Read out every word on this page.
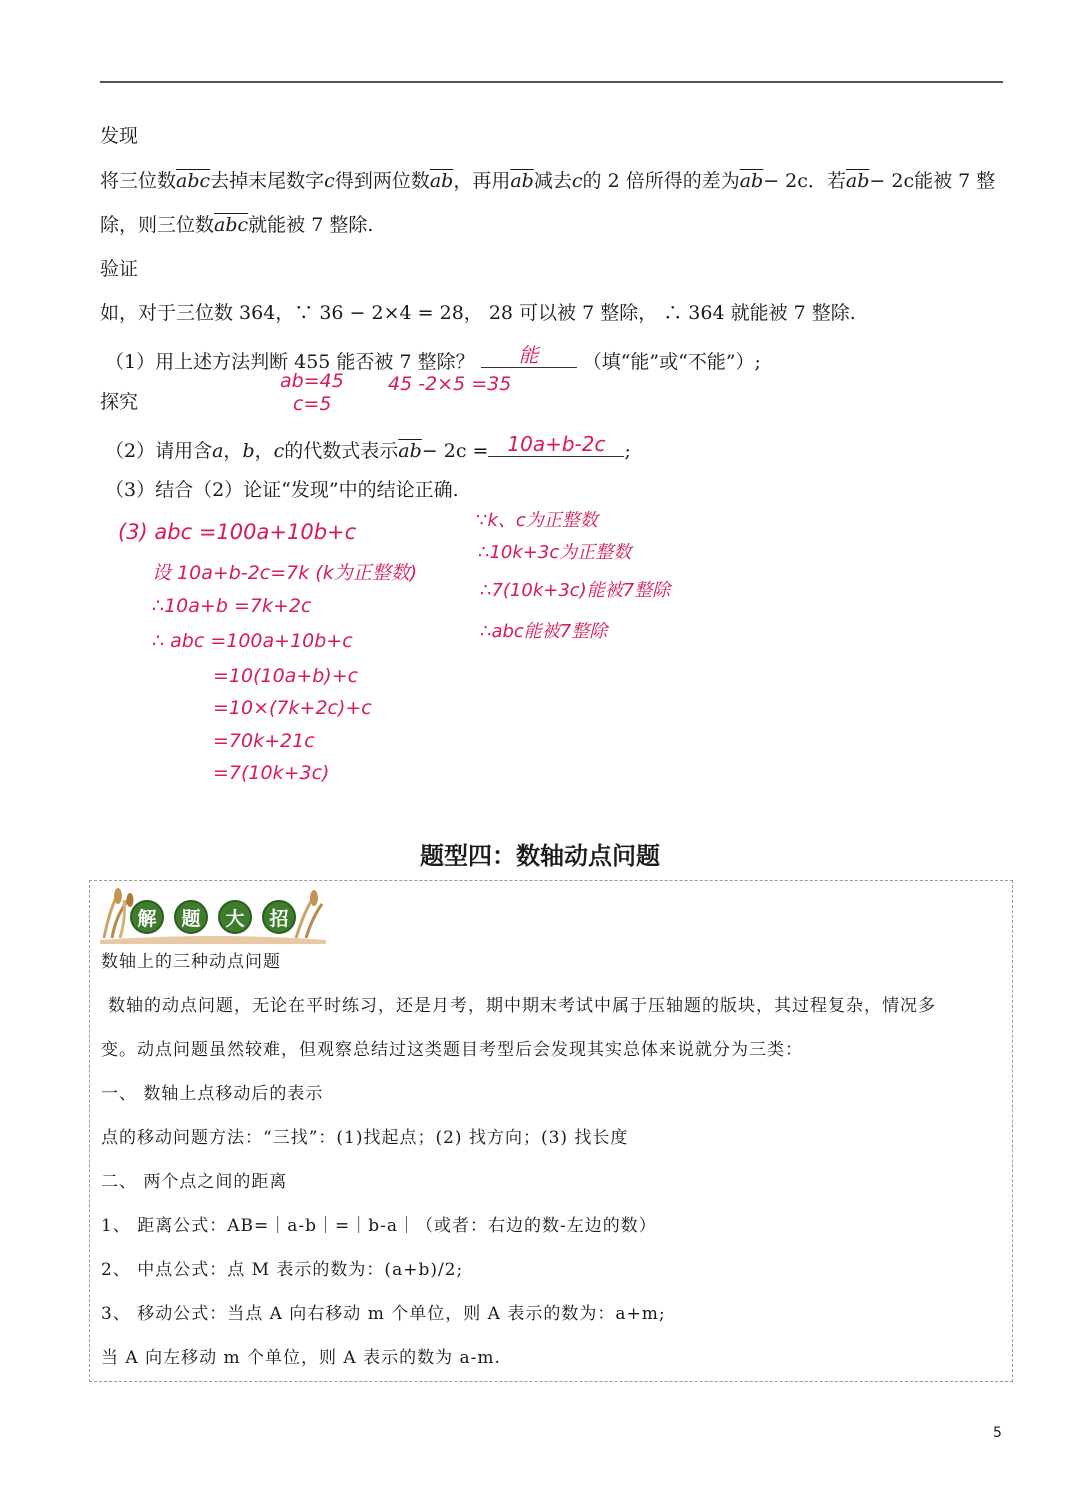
发现
将三位数$\overline{abc}$去掉末尾数字c得到两位数$\overline{ab}$，再用$\overline{ab}$减去c的 2 倍所得的差为$\overline{ab}- 2c$．若$\overline{ab}- 2c$能被 7 整
除，则三位数$\overline{abc}$就能被 7 整除.
验证
如，对于三位数 364，∵ 36 − 2×4 = 28， 28 可以被 7 整除， ∴ 364 就能被 7 整除.
（1）用上述方法判断 455 能否被 7 整除？	能	（填“能”或“不能”）;
ab=45
c=5
45 -2×5 =35
探究
（2）请用含a，b，c的代数式表示$\overline{ab}- 2c = 10a+b-2c$ ;
（3）结合（2）论证“发现”中的结论正确.
(3) abc =100a+10b+c
设 10a+b-2c=7k (k为正整数)
∴10a+b =7k+2c
∴ abc =100a+10b+c
=10(10a+b)+c
=10×(7k+2c)+c
=70k+21c
=7(10k+3c)
∵k、c为正整数
∴10k+3c为正整数
∴7(10k+3c)能被7整除
∴abc能被7整除
题型四：数轴动点问题
解	题	大	招
数轴上的三种动点问题
数轴的动点问题，无论在平时练习，还是月考，期中期末考试中属于压轴题的版块，其过程复杂，情况多
变。动点问题虽然较难，但观察总结过这类题目考型后会发现其实总体来说就分为三类：
一、 数轴上点移动后的表示
点的移动问题方法：“三找”：(1)找起点；(2) 找方向；(3) 找长度
二、 两个点之间的距离
1、 距离公式：AB=｜a-b｜=｜b-a｜（或者：右边的数-左边的数）
2、 中点公式：点 M 表示的数为：(a+b)/2;
3、 移动公式：当点 A 向右移动 m 个单位，则 A 表示的数为：a+m;
当 A 向左移动 m 个单位，则 A 表示的数为 a-m.
5
